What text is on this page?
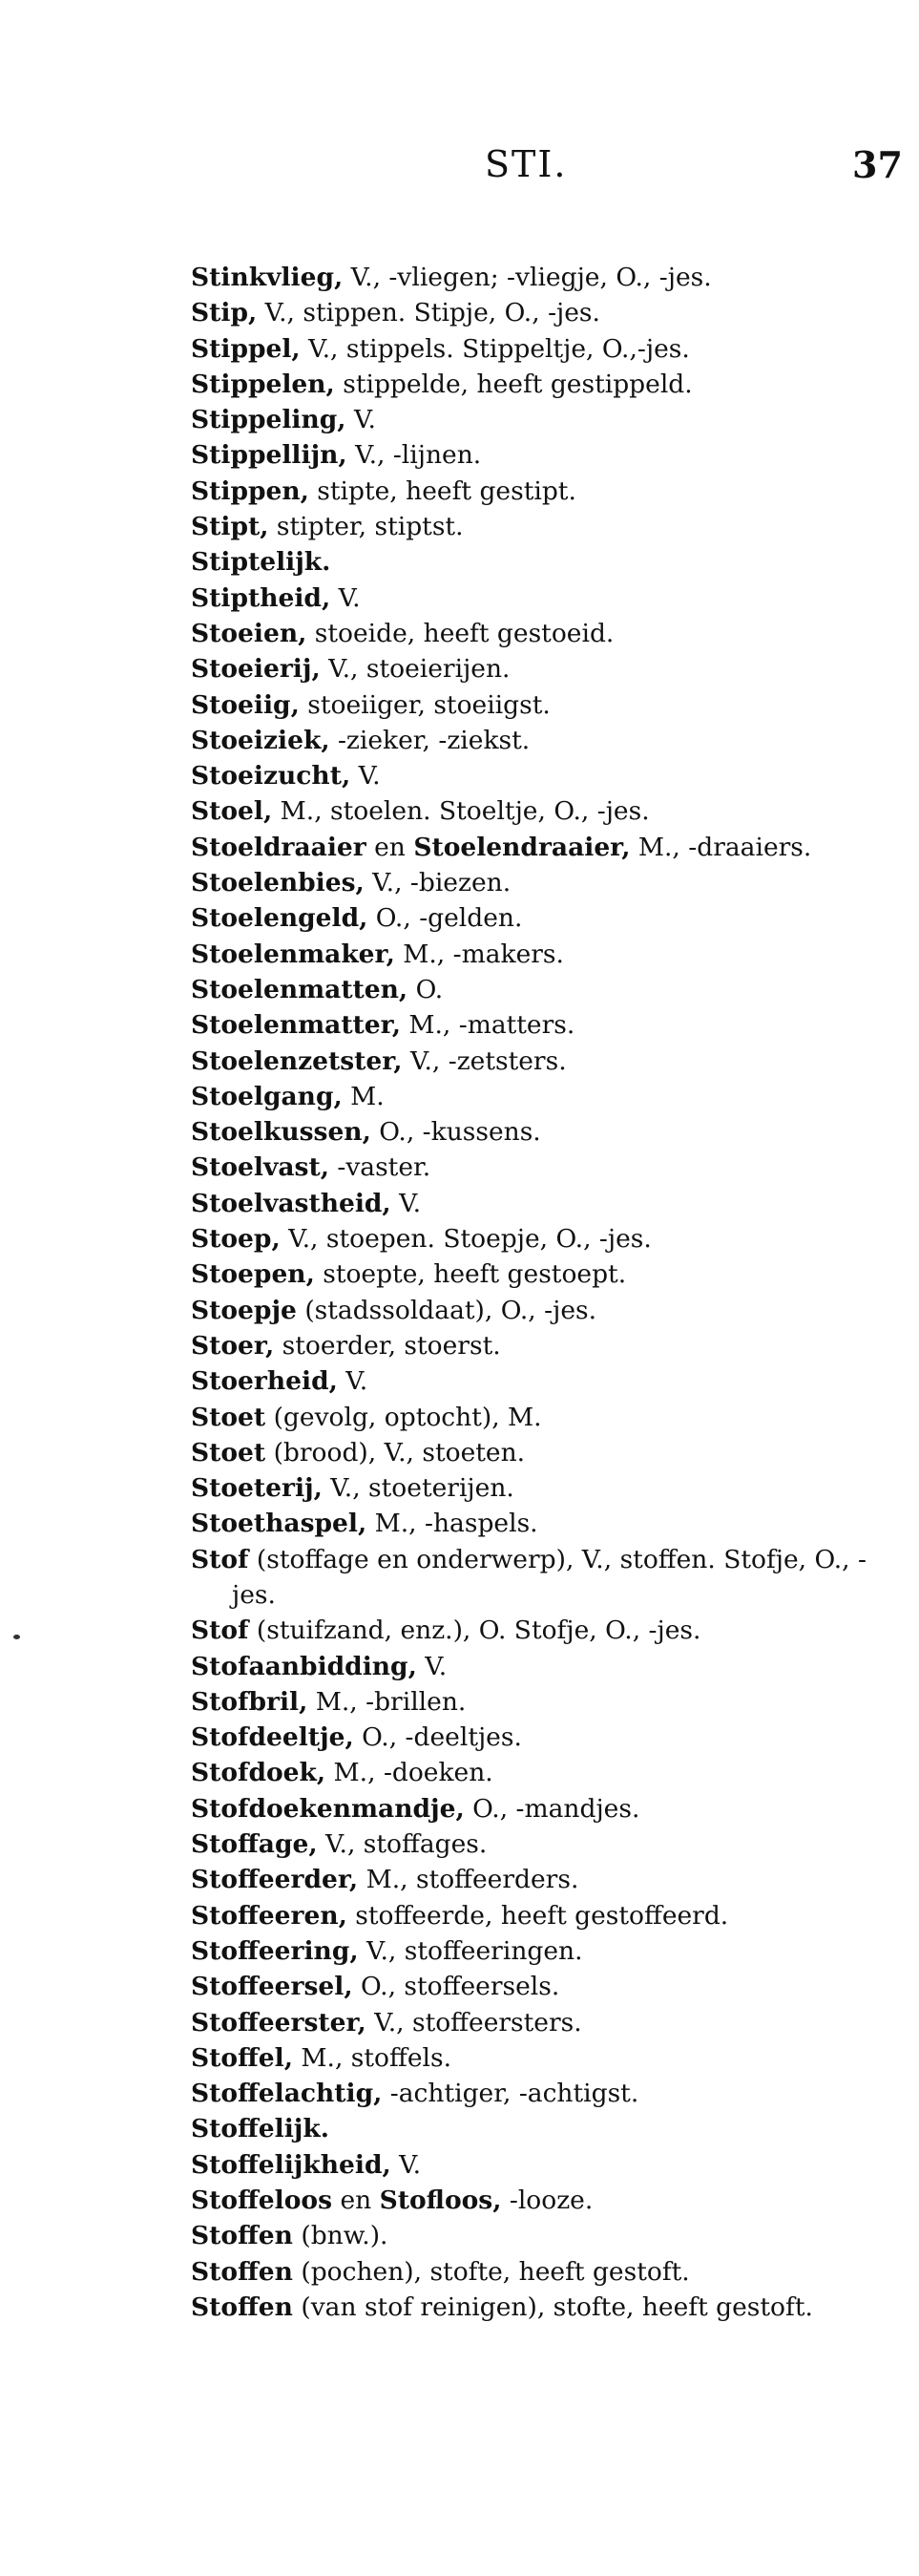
STI.	37
Stinkvlieg, V., -vliegen; -vliegje, O., -jes.
Stip, V., stippen. Stipje, O., -jes.
Stippel, V., stippels. Stippeltje, O.,-jes.
Stippelen, stippelde, heeft gestippeld.
Stippeling, V.
Stippellijn, V., -lijnen.
Stippen, stipte, heeft gestipt.
Stipt, stipter, stiptst.
Stiptelijk.
Stiptheid, V.
Stoeien, stoeide, heeft gestoeid.
Stoeierij, V., stoeierijen.
Stoeiig, stoeiiger, stoeiigst.
Stoeiziek, -zieker, -ziekst.
Stoeizucht, V.
Stoel, M., stoelen. Stoeltje, O., -jes.
Stoeldraaier en Stoelendraaier, M., -draaiers.
Stoelenbies, V., -biezen.
Stoelengeld, O., -gelden.
Stoelenmaker, M., -makers.
Stoelenmatten, O.
Stoelenmatter, M., -matters.
Stoelenzetster, V., -zetsters.
Stoelgang, M.
Stoelkussen, O., -kussens.
Stoelvast, -vaster.
Stoelvastheid, V.
Stoep, V., stoepen. Stoepje, O., -jes.
Stoepen, stoepte, heeft gestoept.
Stoepje (stadssoldaat), O., -jes.
Stoer, stoerder, stoerst.
Stoerheid, V.
Stoet (gevolg, optocht), M.
Stoet (brood), V., stoeten.
Stoeterij, V., stoeterijen.
Stoethaspel, M., -haspels.
Stof (stoffage en onderwerp), V., stoffen. Stofje, O., -jes.
Stof (stuifzand, enz.), O. Stofje, O., -jes.
Stofaanbidding, V.
Stofbril, M., -brillen.
Stofdeeltje, O., -deeltjes.
Stofdoek, M., -doeken.
Stofdoekenmandje, O., -mandjes.
Stoffage, V., stoffages.
Stoffeerder, M., stoffeerders.
Stoffeeren, stoffeerde, heeft gestoffeerd.
Stoffeering, V., stoffeeringen.
Stoffeersel, O., stoffeersels.
Stoffeerster, V., stoffeersters.
Stoffel, M., stoffels.
Stoffelachtig, -achtiger, -achtigst.
Stoffelijk.
Stoffelijkheid, V.
Stoffeloos en Stofloos, -looze.
Stoffen (bnw.).
Stoffen (pochen), stofte, heeft gestoft.
Stoffen (van stof reinigen), stofte, heeft gestoft.
